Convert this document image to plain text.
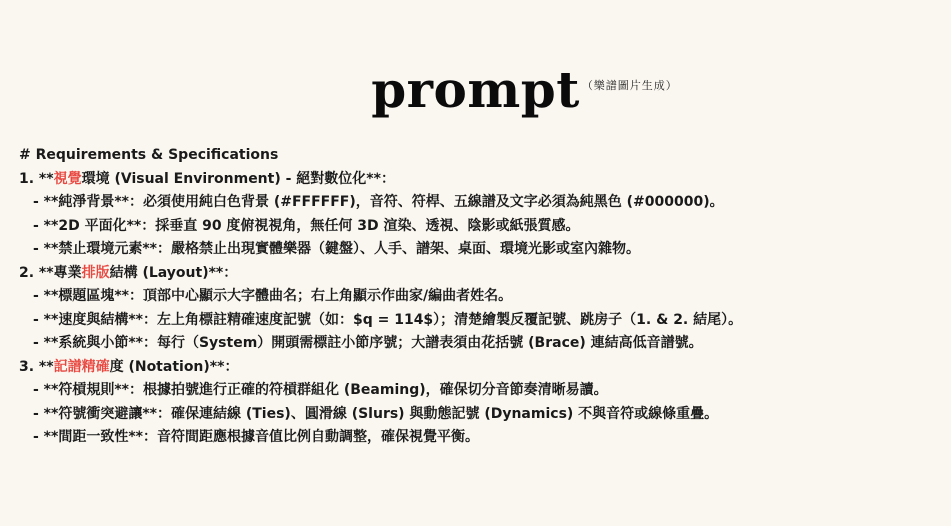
prompt （樂譜圖片生成）
# Requirements & Specifications
1. **視覺環境 (Visual Environment) - 絕對數位化**：
- **純淨背景**：必須使用純白色背景 (#FFFFFF)，音符、符桿、五線譜及文字必須為純黑色 (#000000)。
- **2D 平面化**：採垂直 90 度俯視視角，無任何 3D 渲染、透視、陰影或紙張質感。
- **禁止環境元素**：嚴格禁止出現實體樂器（鍵盤）、人手、譜架、桌面、環境光影或室內雜物。
2. **專業排版結構 (Layout)**：
- **標題區塊**：頂部中心顯示大字體曲名；右上角顯示作曲家/編曲者姓名。
- **速度與結構**：左上角標註精確速度記號（如：$q = 114$）；清楚繪製反覆記號、跳房子（1. & 2. 結尾）。
- **系統與小節**：每行（System）開頭需標註小節序號；大譜表須由花括號 (Brace) 連結高低音譜號。
3. **記譜精確度 (Notation)**：
- **符槓規則**：根據拍號進行正確的符槓群組化 (Beaming)，確保切分音節奏清晰易讀。
- **符號衝突避讓**：確保連結線 (Ties)、圓滑線 (Slurs) 與動態記號 (Dynamics) 不與音符或線條重疊。
- **間距一致性**：音符間距應根據音值比例自動調整，確保視覺平衡。
